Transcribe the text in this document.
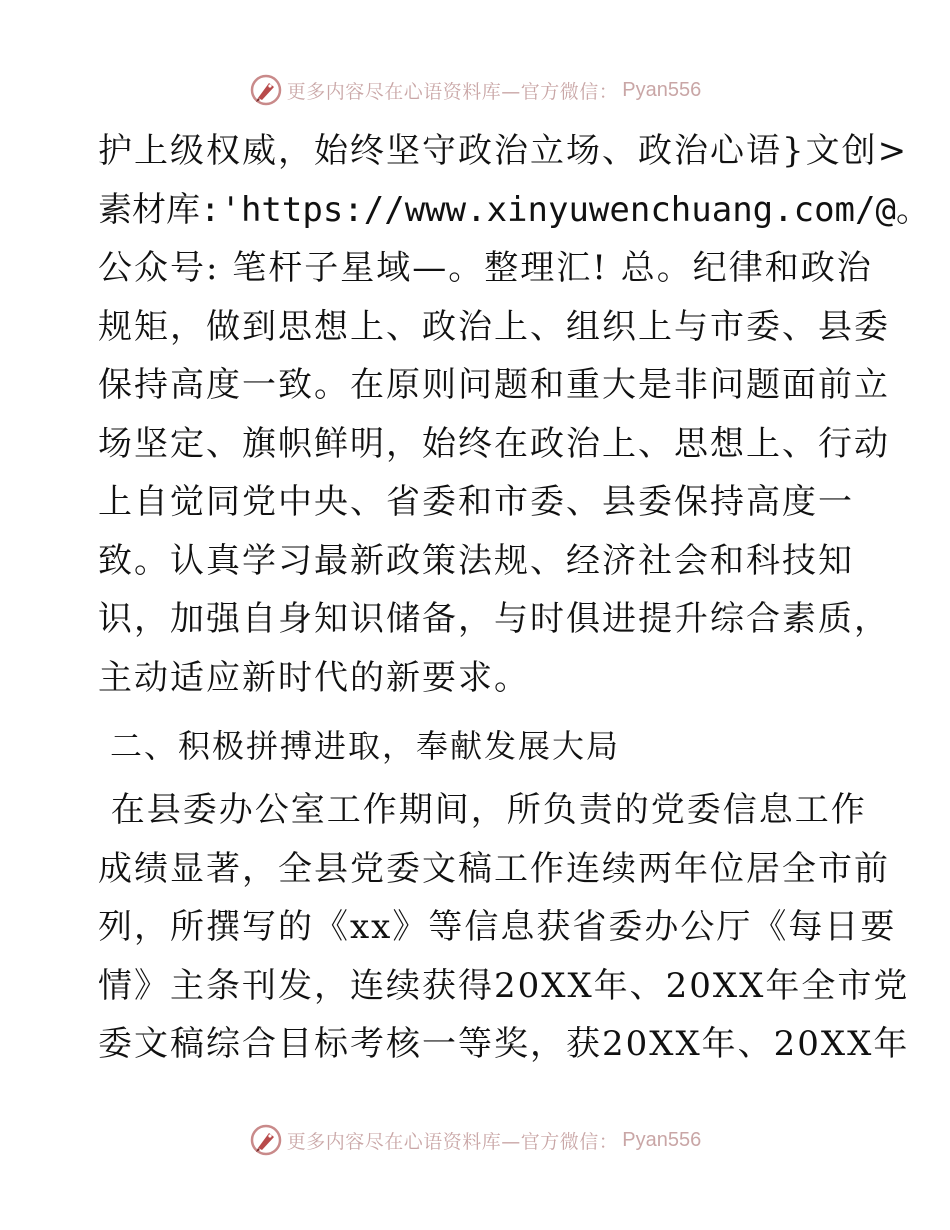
更多内容尽在心语资料库—官方微信： Pyan556
护上级权威，始终坚守政治立场、政治心语}文创>
素材库:'https://www.xinyuwenchuang.com/@。
公众号: 笔杆子星域—。整理汇! 总。纪律和政治
规矩，做到思想上、政治上、组织上与市委、县委
保持高度一致。在原则问题和重大是非问题面前立
场坚定、旗帜鲜明，始终在政治上、思想上、行动
上自觉同党中央、省委和市委、县委保持高度一
致。认真学习最新政策法规、经济社会和科技知
识，加强自身知识储备，与时俱进提升综合素质，
主动适应新时代的新要求。
二、积极拼搏进取，奉献发展大局
在县委办公室工作期间，所负责的党委信息工作
成绩显著，全县党委文稿工作连续两年位居全市前
列，所撰写的《xx》等信息获省委办公厅《每日要
情》主条刊发，连续获得20XX年、20XX年全市党
委文稿综合目标考核一等奖，获20XX年、20XX年
更多内容尽在心语资料库—官方微信： Pyan556
